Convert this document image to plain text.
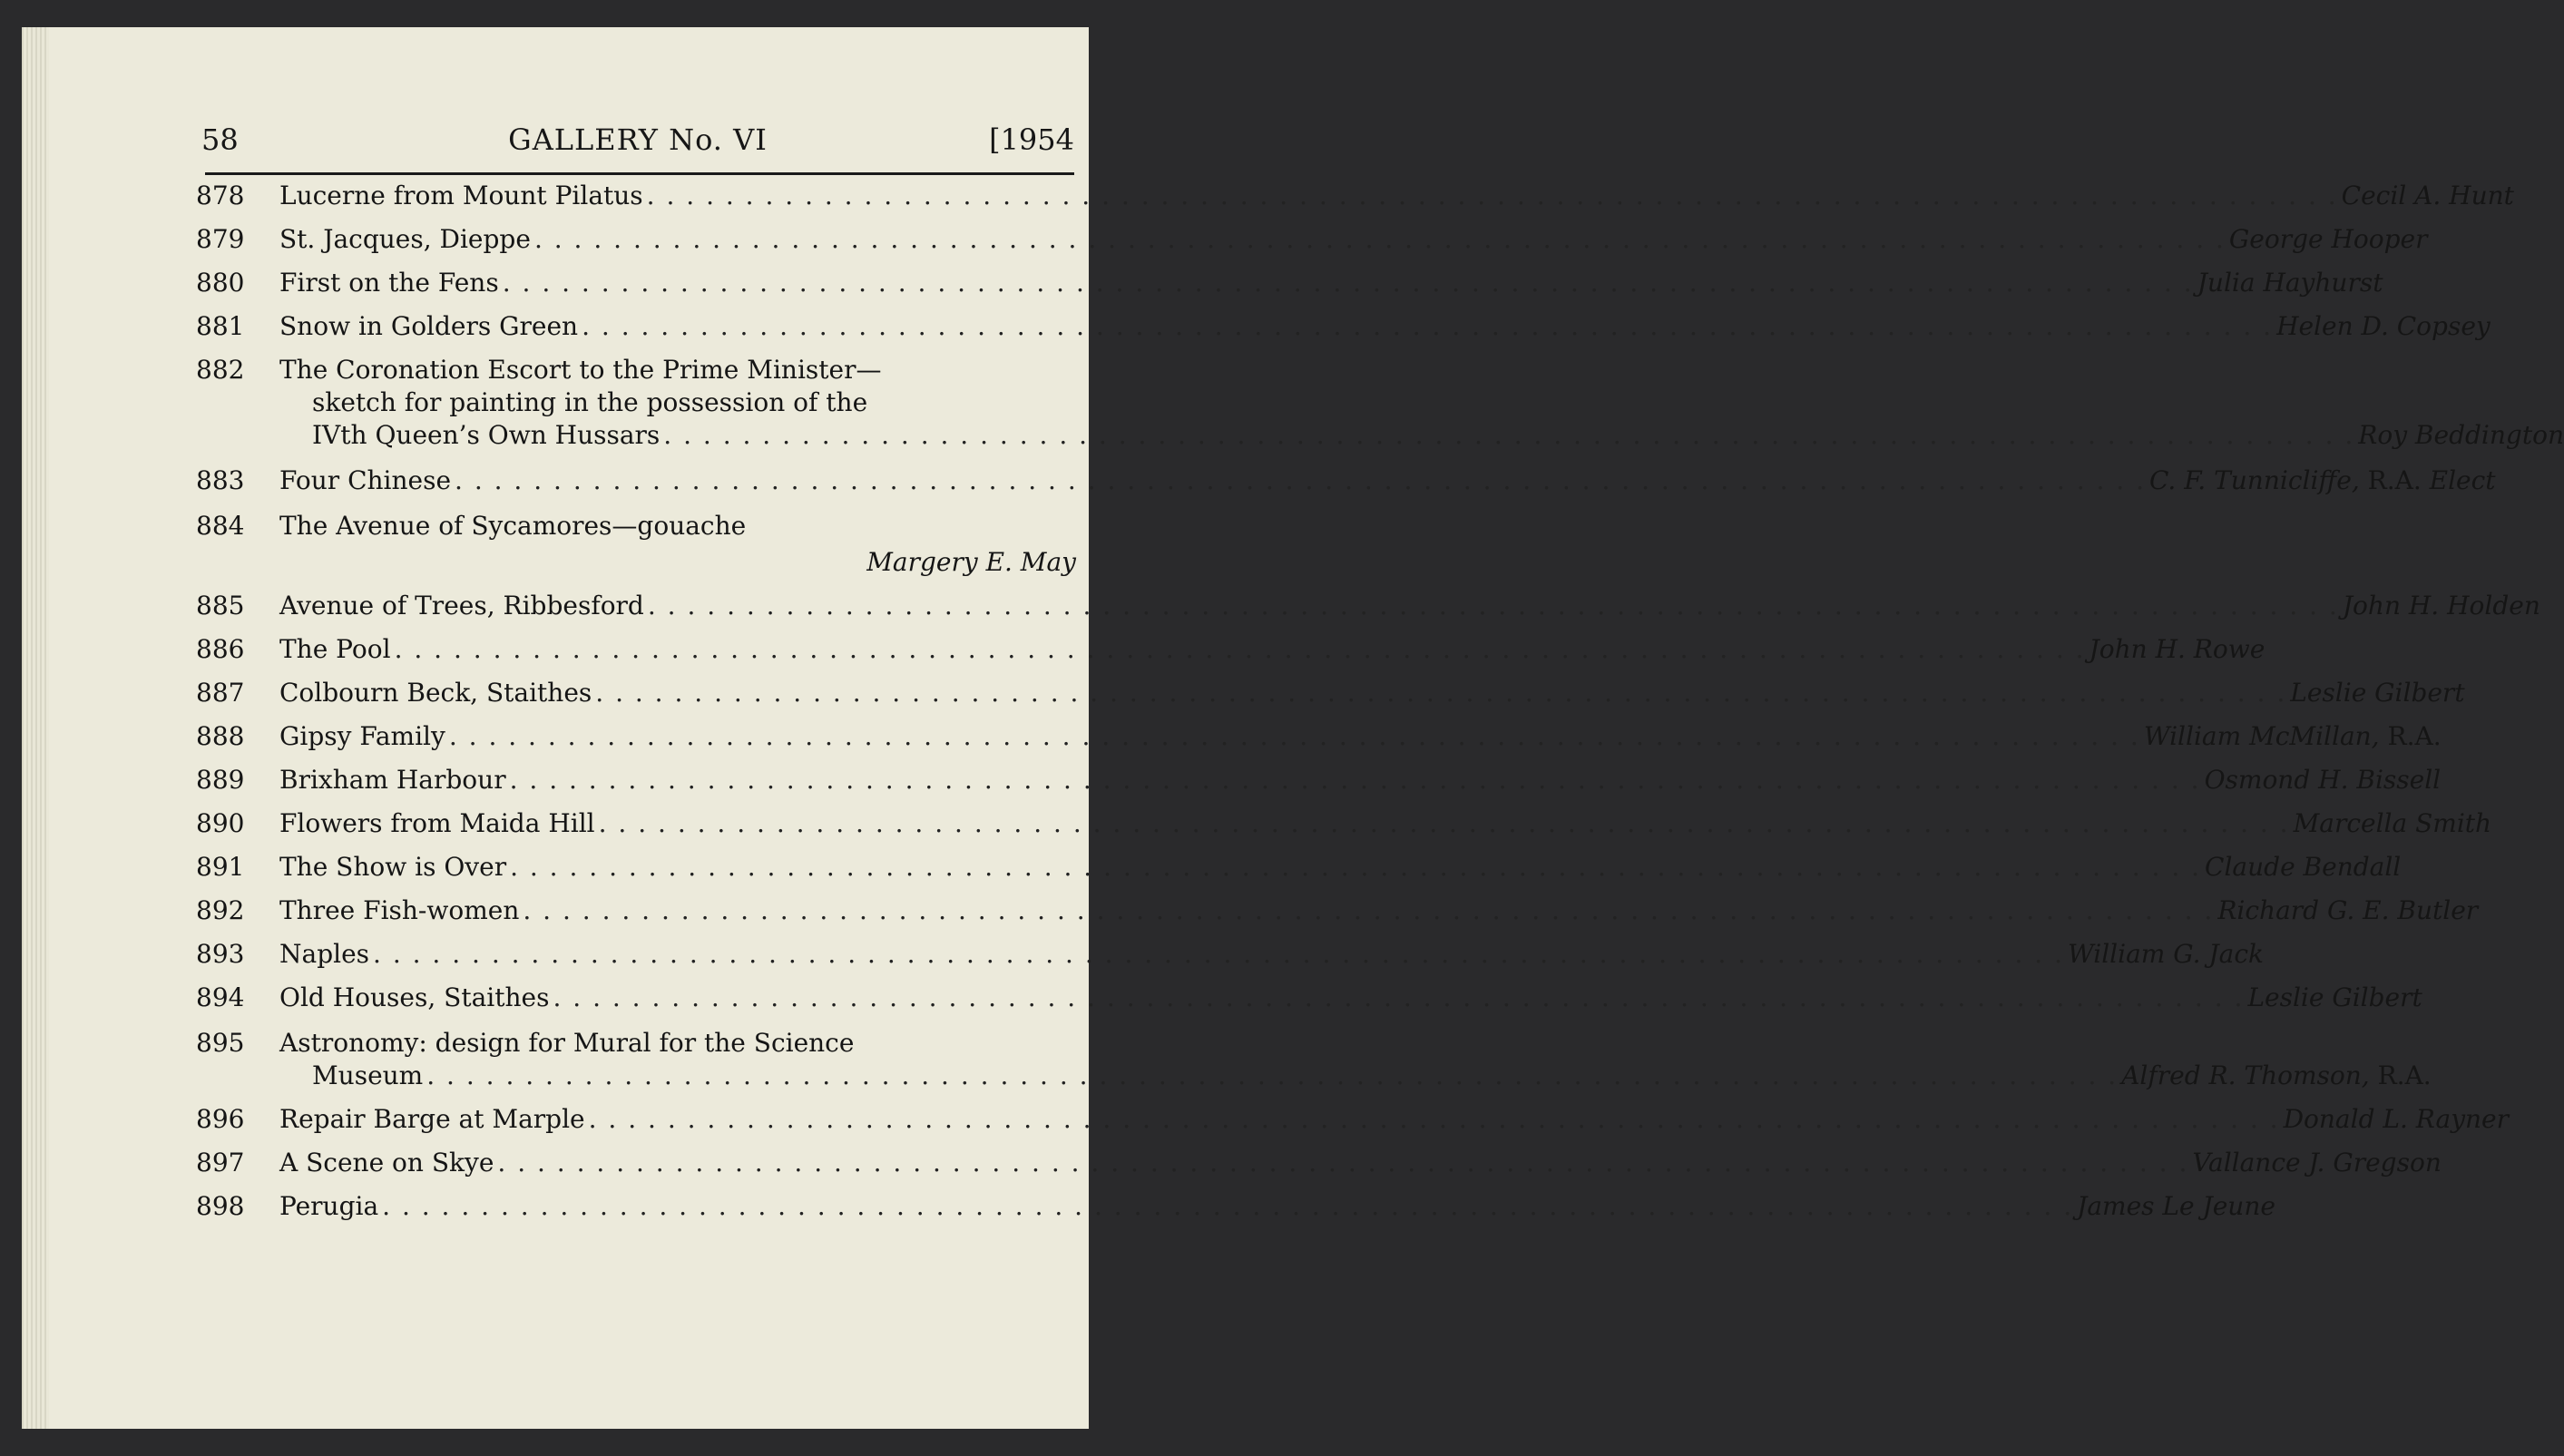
58	GALLERY No. VI	[1954
878	Lucerne from Mount Pilatus . . .	Cecil A. Hunt
879	St. Jacques, Dieppe . . .	George Hooper
880	First on the Fens . . .	Julia Hayhurst
881	Snow in Golders Green . . .	Helen D. Copsey
882	The Coronation Escort to the Prime Minister—
sketch for painting in the possession of the
IVth Queen’s Own Hussars . . .	Roy Beddington
883	Four Chinese . . .	C. F. Tunnicliffe, R.A. Elect
884	The Avenue of Sycamores—gouache
Margery E. May
885	Avenue of Trees, Ribbesford . . .	John H. Holden
886	The Pool . . .	John H. Rowe
887	Colbourn Beck, Staithes . . .	Leslie Gilbert
888	Gipsy Family . . .	William McMillan, R.A.
889	Brixham Harbour . . .	Osmond H. Bissell
890	Flowers from Maida Hill . . .	Marcella Smith
891	The Show is Over . . .	Claude Bendall
892	Three Fish-women . . .	Richard G. E. Butler
893	Naples . . .	William G. Jack
894	Old Houses, Staithes . . .	Leslie Gilbert
895	Astronomy: design for Mural for the Science
Museum . . .	Alfred R. Thomson, R.A.
896	Repair Barge at Marple . . .	Donald L. Rayner
897	A Scene on Skye . . .	Vallance J. Gregson
898	Perugia . . .	James Le Jeune
